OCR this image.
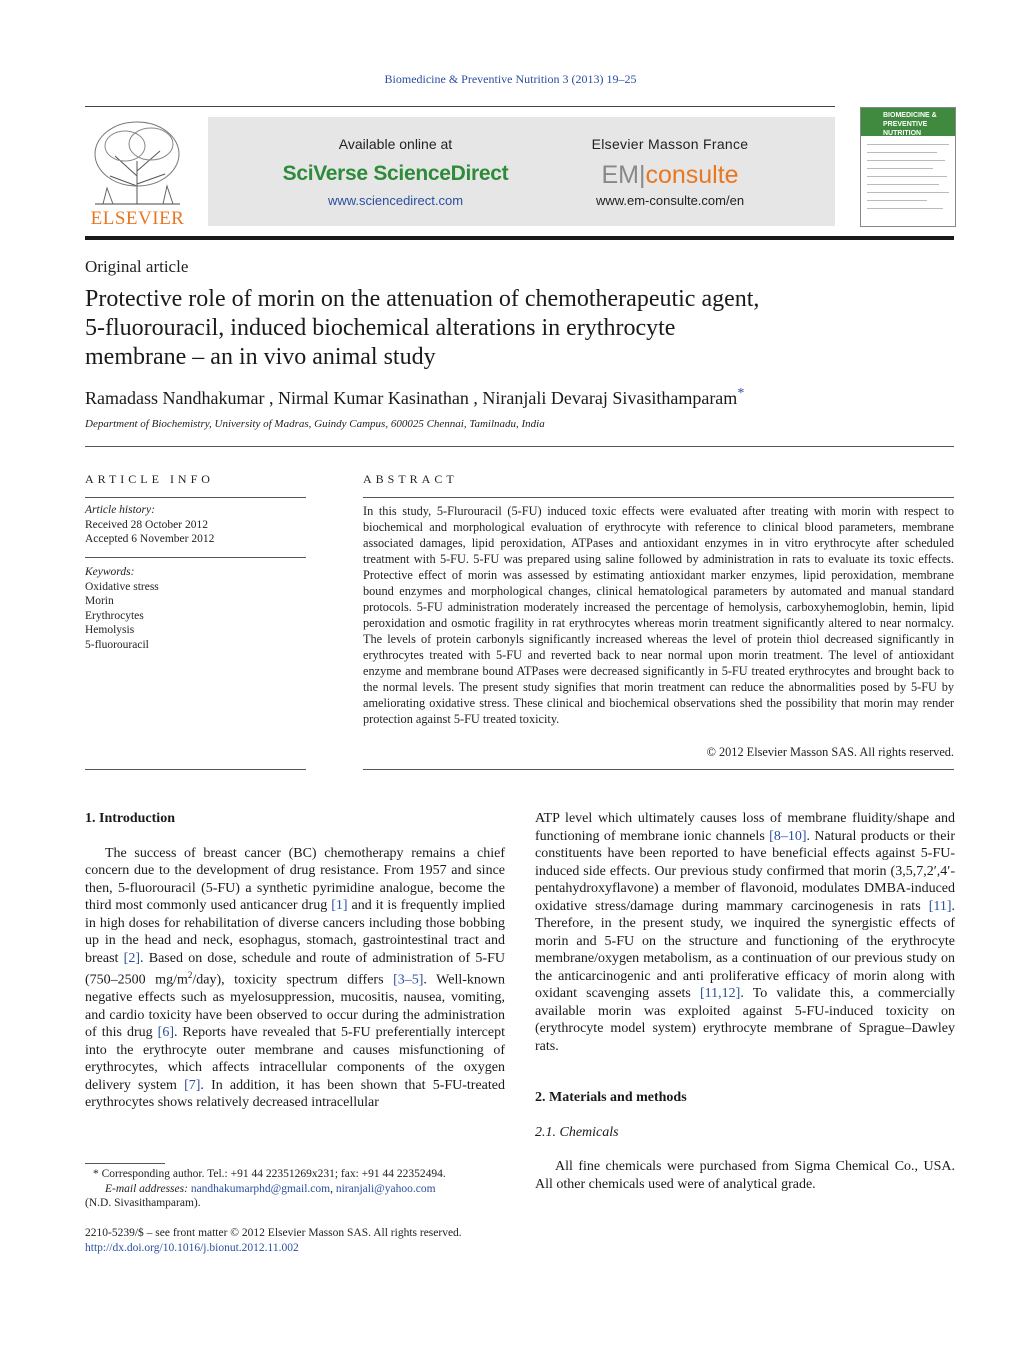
Biomedicine & Preventive Nutrition 3 (2013) 19–25
ELSEVIER
Available online at
SciVerse ScienceDirect
www.sciencedirect.com
Elsevier Masson France
EM|consulte
www.em-consulte.com/en
BIOMEDICINE & PREVENTIVE NUTRITION
Original article
Protective role of morin on the attenuation of chemotherapeutic agent,
5-fluorouracil, induced biochemical alterations in erythrocyte
membrane – an in vivo animal study
Ramadass Nandhakumar , Nirmal Kumar Kasinathan , Niranjali Devaraj Sivasithamparam*
Department of Biochemistry, University of Madras, Guindy Campus, 600025 Chennai, Tamilnadu, India
ARTICLE INFO
Article history:
Received 28 October 2012
Accepted 6 November 2012
Keywords:
Oxidative stress
Morin
Erythrocytes
Hemolysis
5-fluorouracil
ABSTRACT
In this study, 5-Flurouracil (5-FU) induced toxic effects were evaluated after treating with morin with respect to biochemical and morphological evaluation of erythrocyte with reference to clinical blood parameters, membrane associated damages, lipid peroxidation, ATPases and antioxidant enzymes in in vitro erythrocyte after scheduled treatment with 5-FU. 5-FU was prepared using saline followed by administration in rats to evaluate its toxic effects. Protective effect of morin was assessed by estimating antioxidant marker enzymes, lipid peroxidation, membrane bound enzymes and morphological changes, clinical hematological parameters by automated and manual standard protocols. 5-FU administration moderately increased the percentage of hemolysis, carboxyhemoglobin, hemin, lipid peroxidation and osmotic fragility in rat erythrocytes whereas morin treatment significantly altered to near normalcy. The levels of protein carbonyls significantly increased whereas the level of protein thiol decreased significantly in erythrocytes treated with 5-FU and reverted back to near normal upon morin treatment. The level of antioxidant enzyme and membrane bound ATPases were decreased significantly in 5-FU treated erythrocytes and brought back to the normal levels. The present study signifies that morin treatment can reduce the abnormalities posed by 5-FU by ameliorating oxidative stress. These clinical and biochemical observations shed the possibility that morin may render protection against 5-FU treated toxicity.
© 2012 Elsevier Masson SAS. All rights reserved.
1. Introduction

The success of breast cancer (BC) chemotherapy remains a chief concern due to the development of drug resistance. From 1957 and since then, 5-fluorouracil (5-FU) a synthetic pyrimidine analogue, become the third most commonly used anticancer drug [1] and it is frequently implied in high doses for rehabilitation of diverse cancers including those bobbing up in the head and neck, esophagus, stomach, gastrointestinal tract and breast [2]. Based on dose, schedule and route of administration of 5-FU (750–2500 $mg/m^2/day$), toxicity spectrum differs [3–5]. Well-known negative effects such as myelosuppression, mucositis, nausea, vomiting, and cardio toxicity have been observed to occur during the administration of this drug [6]. Reports have revealed that 5-FU preferentially intercept into the erythrocyte outer membrane and causes misfunctioning of erythrocytes, which affects intracellular components of the oxygen delivery system [7]. In addition, it has been shown that 5-FU-treated erythrocytes shows relatively decreased intracellular

ATP level which ultimately causes loss of membrane fluidity/shape and functioning of membrane ionic channels [8–10]. Natural products or their constituents have been reported to have beneficial effects against 5-FU-induced side effects. Our previous study confirmed that morin (3,5,7,2′,4′-pentahydroxyflavone) a member of flavonoid, modulates DMBA-induced oxidative stress/damage during mammary carcinogenesis in rats [11]. Therefore, in the present study, we inquired the synergistic effects of morin and 5-FU on the structure and functioning of the erythrocyte membrane/oxygen metabolism, as a continuation of our previous study on the anticarcinogenic and anti proliferative efficacy of morin along with oxidant scavenging assets [11,12]. To validate this, a commercially available morin was exploited against 5-FU-induced toxicity on (erythrocyte model system) erythrocyte membrane of Sprague–Dawley rats.

2. Materials and methods
2.1. Chemicals

All fine chemicals were purchased from Sigma Chemical Co., USA. All other chemicals used were of analytical grade.

* Corresponding author. Tel.: +91 44 22351269x231; fax: +91 44 22352494.
E-mail addresses: nandhakumarphd@gmail.com, niranjali@yahoo.com
(N.D. Sivasithamparam).
2210-5239/$ – see front matter © 2012 Elsevier Masson SAS. All rights reserved.
http://dx.doi.org/10.1016/j.bionut.2012.11.002
